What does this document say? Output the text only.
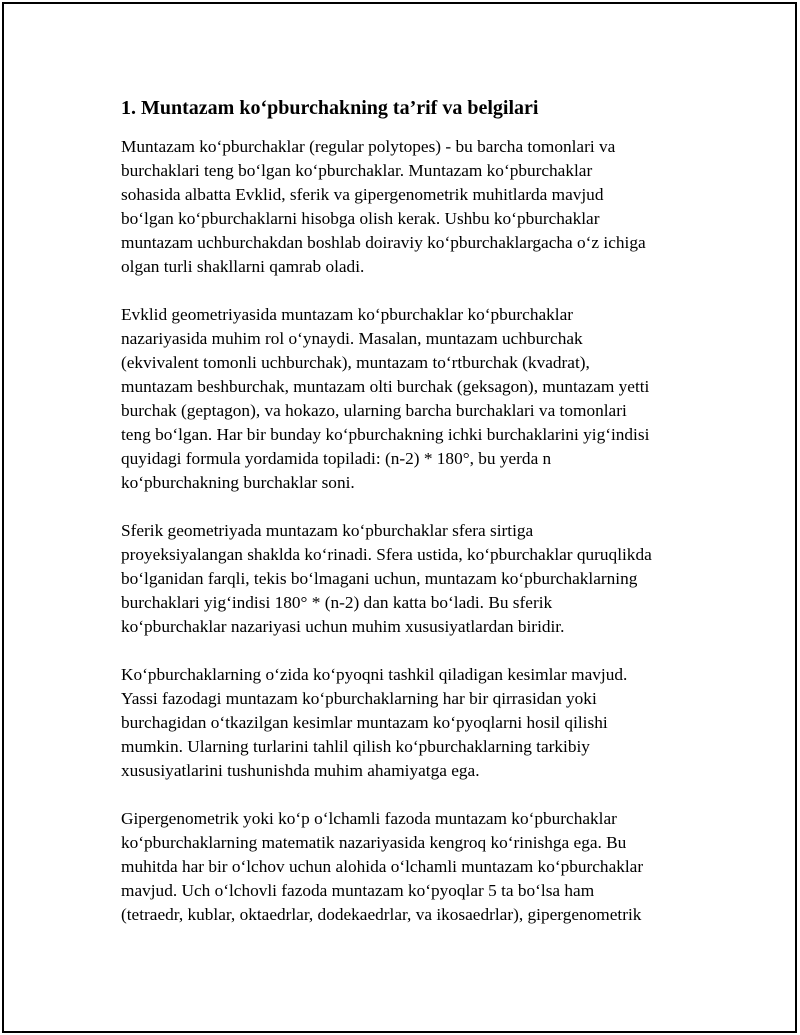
1. Muntazam ko‘pburchakning ta’rif va belgilari

Muntazam ko‘pburchaklar (regular polytopes) - bu barcha tomonlari va
burchaklari teng bo‘lgan ko‘pburchaklar. Muntazam ko‘pburchaklar
sohasida albatta Evklid, sferik va gipergenometrik muhitlarda mavjud
bo‘lgan ko‘pburchaklarni hisobga olish kerak. Ushbu ko‘pburchaklar
muntazam uchburchakdan boshlab doiraviy ko‘pburchaklargacha o‘z ichiga
olgan turli shakllarni qamrab oladi.

Evklid geometriyasida muntazam ko‘pburchaklar ko‘pburchaklar
nazariyasida muhim rol o‘ynaydi. Masalan, muntazam uchburchak
(ekvivalent tomonli uchburchak), muntazam to‘rtburchak (kvadrat),
muntazam beshburchak, muntazam olti burchak (geksagon), muntazam yetti
burchak (geptagon), va hokazo, ularning barcha burchaklari va tomonlari
teng bo‘lgan. Har bir bunday ko‘pburchakning ichki burchaklarini yig‘indisi
quyidagi formula yordamida topiladi: (n-2) * 180°, bu yerda n
ko‘pburchakning burchaklar soni.

Sferik geometriyada muntazam ko‘pburchaklar sfera sirtiga
proyeksiyalangan shaklda ko‘rinadi. Sfera ustida, ko‘pburchaklar quruqlikda
bo‘lganidan farqli, tekis bo‘lmagani uchun, muntazam ko‘pburchaklarning
burchaklari yig‘indisi 180° * (n-2) dan katta bo‘ladi. Bu sferik
ko‘pburchaklar nazariyasi uchun muhim xususiyatlardan biridir.

Ko‘pburchaklarning o‘zida ko‘pyoqni tashkil qiladigan kesimlar mavjud.
Yassi fazodagi muntazam ko‘pburchaklarning har bir qirrasidan yoki
burchagidan o‘tkazilgan kesimlar muntazam ko‘pyoqlarni hosil qilishi
mumkin. Ularning turlarini tahlil qilish ko‘pburchaklarning tarkibiy
xususiyatlarini tushunishda muhim ahamiyatga ega.

Gipergenometrik yoki ko‘p o‘lchamli fazoda muntazam ko‘pburchaklar
ko‘pburchaklarning matematik nazariyasida kengroq ko‘rinishga ega. Bu
muhitda har bir o‘lchov uchun alohida o‘lchamli muntazam ko‘pburchaklar
mavjud. Uch o‘lchovli fazoda muntazam ko‘pyoqlar 5 ta bo‘lsa ham
(tetraedr, kublar, oktaedrlar, dodekaedrlar, va ikosaedrlar), gipergenometrik
